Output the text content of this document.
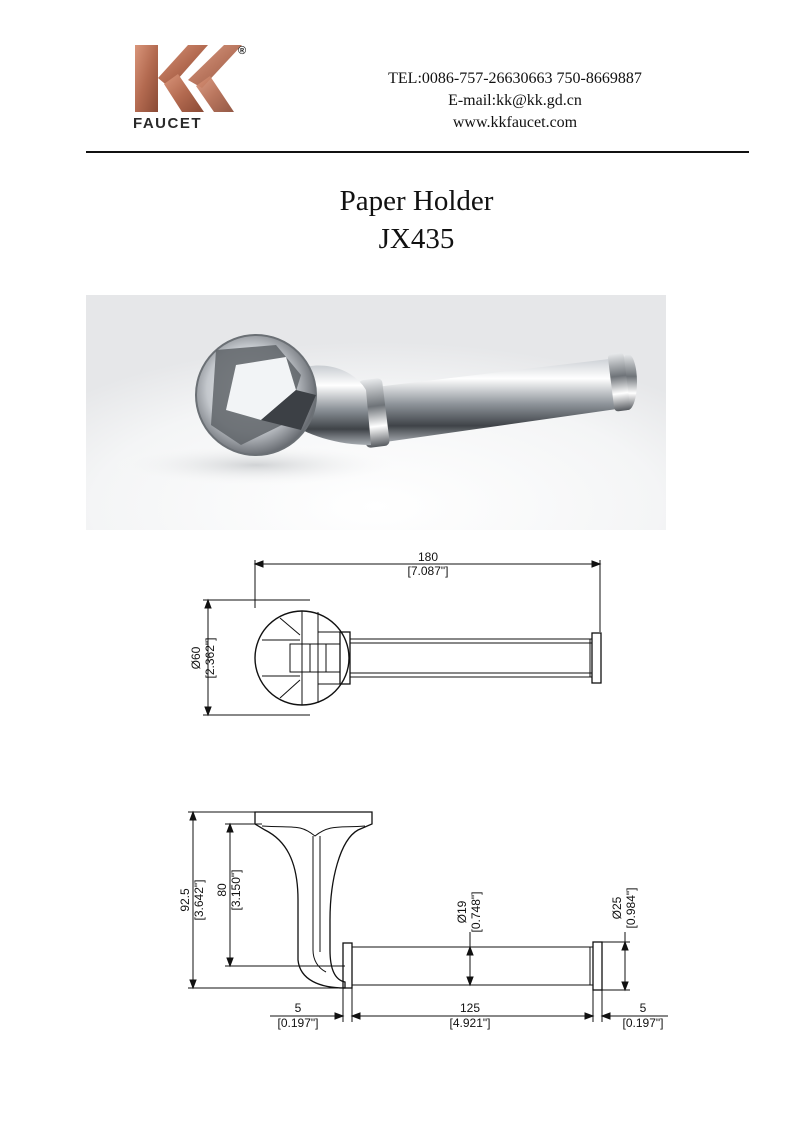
®
FAUCET
TEL:0086-757-26630663 750-8669887
E-mail:kk@kk.gd.cn
www.kkfaucet.com
Paper Holder
JX435
180
[7.087"]
Ø60 [2.362"]
92.5 [3.642"] 80 [3.150"]
Ø19 [0.748"]	Ø25 [0.984"]
5
[0.197"]
125
[4.921"]
5
[0.197"]
